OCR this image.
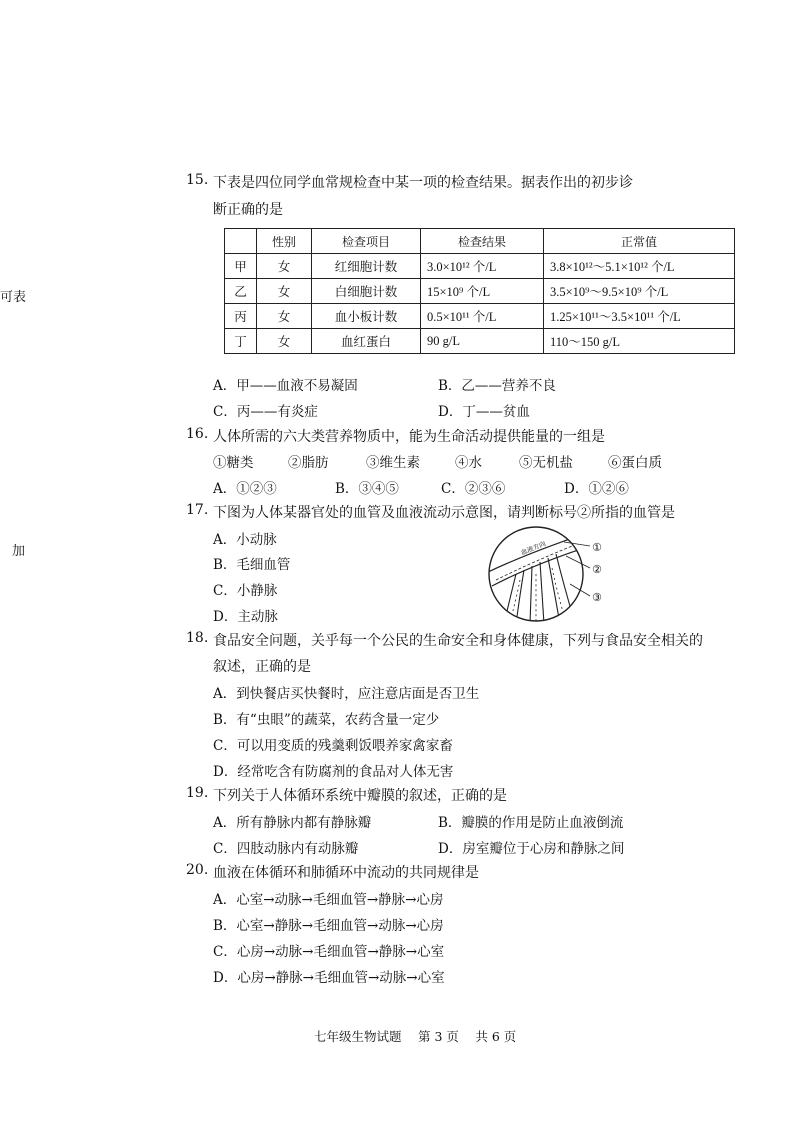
可表
加
15. 下表是四位同学血常规检查中某一项的检查结果。据表作出的初步诊
断正确的是
	性别	检查项目	检查结果	正常值
甲	女	红细胞计数	3.0×10¹² 个/L	3.8×10¹²～5.1×10¹² 个/L
乙	女	白细胞计数	15×10⁹ 个/L	3.5×10⁹～9.5×10⁹ 个/L
丙	女	血小板计数	0.5×10¹¹ 个/L	1.25×10¹¹～3.5×10¹¹ 个/L
丁	女	血红蛋白	90 g/L	110～150 g/L
A．甲——血液不易凝固	B．乙——营养不良
C．丙——有炎症	D．丁——贫血
16. 人体所需的六大类营养物质中，能为生命活动提供能量的一组是
①糖类	②脂肪	③维生素	④水	⑤无机盐	⑥蛋白质
A．①②③	B．③④⑤	C．②③⑥	D．①②⑥
17. 下图为人体某器官处的血管及血液流动示意图，请判断标号②所指的血管是
A．小动脉
B．毛细血管
C．小静脉
D．主动脉
血液方向	①
②
③
18. 食品安全问题，关乎每一个公民的生命安全和身体健康，下列与食品安全相关的
叙述，正确的是
A．到快餐店买快餐时，应注意店面是否卫生
B．有“虫眼”的蔬菜，农药含量一定少
C．可以用变质的残羹剩饭喂养家禽家畜
D．经常吃含有防腐剂的食品对人体无害
19. 下列关于人体循环系统中瓣膜的叙述，正确的是
A．所有静脉内都有静脉瓣	B．瓣膜的作用是防止血液倒流
C．四肢动脉内有动脉瓣	D．房室瓣位于心房和静脉之间
20. 血液在体循环和肺循环中流动的共同规律是
A．心室→动脉→毛细血管→静脉→心房
B．心室→静脉→毛细血管→动脉→心房
C．心房→动脉→毛细血管→静脉→心室
D．心房→静脉→毛细血管→动脉→心室
七年级生物试题　 第 3 页　 共 6 页
